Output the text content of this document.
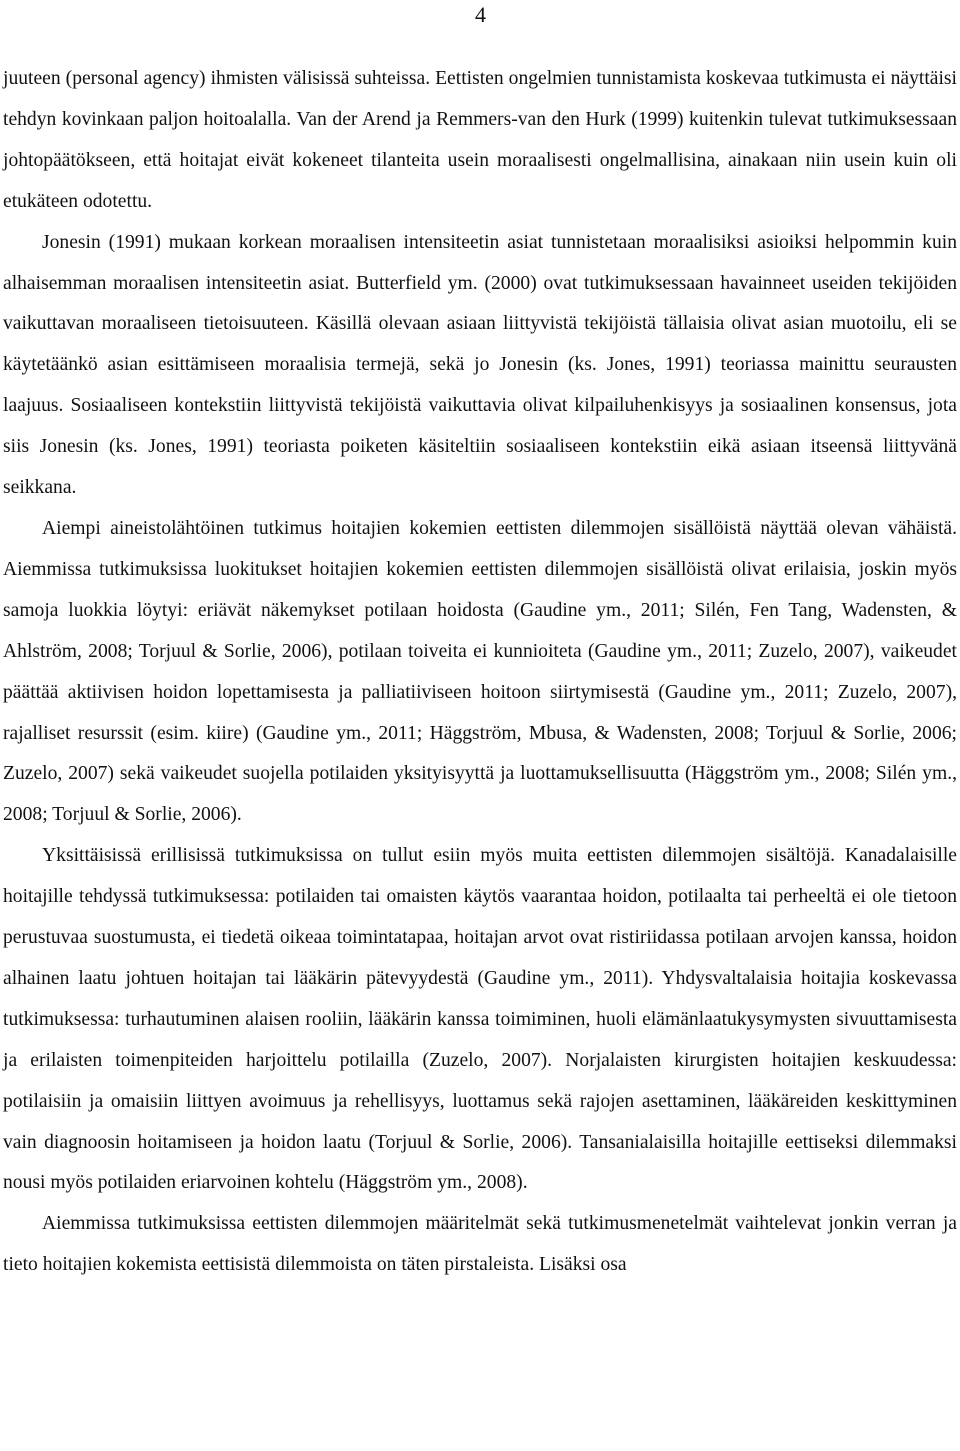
4

juuteen (personal agency) ihmisten välisissä suhteissa. Eettisten ongelmien tunnistamista koskevaa tutkimusta ei näyttäisi tehdyn kovinkaan paljon hoitoalalla. Van der Arend ja Remmers-van den Hurk (1999) kuitenkin tulevat tutkimuksessaan johtopäätökseen, että hoitajat eivät kokeneet tilanteita usein moraalisesti ongelmallisina, ainakaan niin usein kuin oli etukäteen odotettu.

Jonesin (1991) mukaan korkean moraalisen intensiteetin asiat tunnistetaan moraalisiksi asioiksi helpommin kuin alhaisemman moraalisen intensiteetin asiat. Butterfield ym. (2000) ovat tutkimuksessaan havainneet useiden tekijöiden vaikuttavan moraaliseen tietoisuuteen. Käsillä olevaan asiaan liittyvistä tekijöistä tällaisia olivat asian muotoilu, eli se käytetäänkö asian esittämiseen moraalisia termejä, sekä jo Jonesin (ks. Jones, 1991) teoriassa mainittu seurausten laajuus. Sosiaaliseen kontekstiin liittyvistä tekijöistä vaikuttavia olivat kilpailuhenkisyys ja sosiaalinen konsensus, jota siis Jonesin (ks. Jones, 1991) teoriasta poiketen käsiteltiin sosiaaliseen kontekstiin eikä asiaan itseensä liittyvänä seikkana.

Aiempi aineistolähtöinen tutkimus hoitajien kokemien eettisten dilemmojen sisällöistä näyttää olevan vähäistä. Aiemmissa tutkimuksissa luokitukset hoitajien kokemien eettisten dilemmojen sisällöistä olivat erilaisia, joskin myös samoja luokkia löytyi: eriävät näkemykset potilaan hoidosta (Gaudine ym., 2011; Silén, Fen Tang, Wadensten, & Ahlström, 2008; Torjuul & Sorlie, 2006), potilaan toiveita ei kunnioiteta (Gaudine ym., 2011; Zuzelo, 2007), vaikeudet päättää aktiivisen hoidon lopettamisesta ja palliatiiviseen hoitoon siirtymisestä (Gaudine ym., 2011; Zuzelo, 2007), rajalliset resurssit (esim. kiire) (Gaudine ym., 2011; Häggström, Mbusa, & Wadensten, 2008; Torjuul & Sorlie, 2006; Zuzelo, 2007) sekä vaikeudet suojella potilaiden yksityisyyttä ja luottamuksellisuutta (Häggström ym., 2008; Silén ym., 2008; Torjuul & Sorlie, 2006).

Yksittäisissä erillisissä tutkimuksissa on tullut esiin myös muita eettisten dilemmojen sisältöjä. Kanadalaisille hoitajille tehdyssä tutkimuksessa: potilaiden tai omaisten käytös vaarantaa hoidon, potilaalta tai perheeltä ei ole tietoon perustuvaa suostumusta, ei tiedetä oikeaa toimintatapaa, hoitajan arvot ovat ristiriidassa potilaan arvojen kanssa, hoidon alhainen laatu johtuen hoitajan tai lääkärin pätevyydestä (Gaudine ym., 2011). Yhdysvaltalaisia hoitajia koskevassa tutkimuksessa: turhautuminen alaisen rooliin, lääkärin kanssa toimiminen, huoli elämänlaatukysymysten sivuuttamisesta ja erilaisten toimenpiteiden harjoittelu potilailla (Zuzelo, 2007). Norjalaisten kirurgisten hoitajien keskuudessa: potilaisiin ja omaisiin liittyen avoimuus ja rehellisyys, luottamus sekä rajojen asettaminen, lääkäreiden keskittyminen vain diagnoosin hoitamiseen ja hoidon laatu (Torjuul & Sorlie, 2006). Tansanialaisilla hoitajille eettiseksi dilemmaksi nousi myös potilaiden eriarvoinen kohtelu (Häggström ym., 2008).

Aiemmissa tutkimuksissa eettisten dilemmojen määritelmät sekä tutkimusmenetelmät vaihtelevat jonkin verran ja tieto hoitajien kokemista eettisistä dilemmoista on täten pirstaleista. Lisäksi osa
